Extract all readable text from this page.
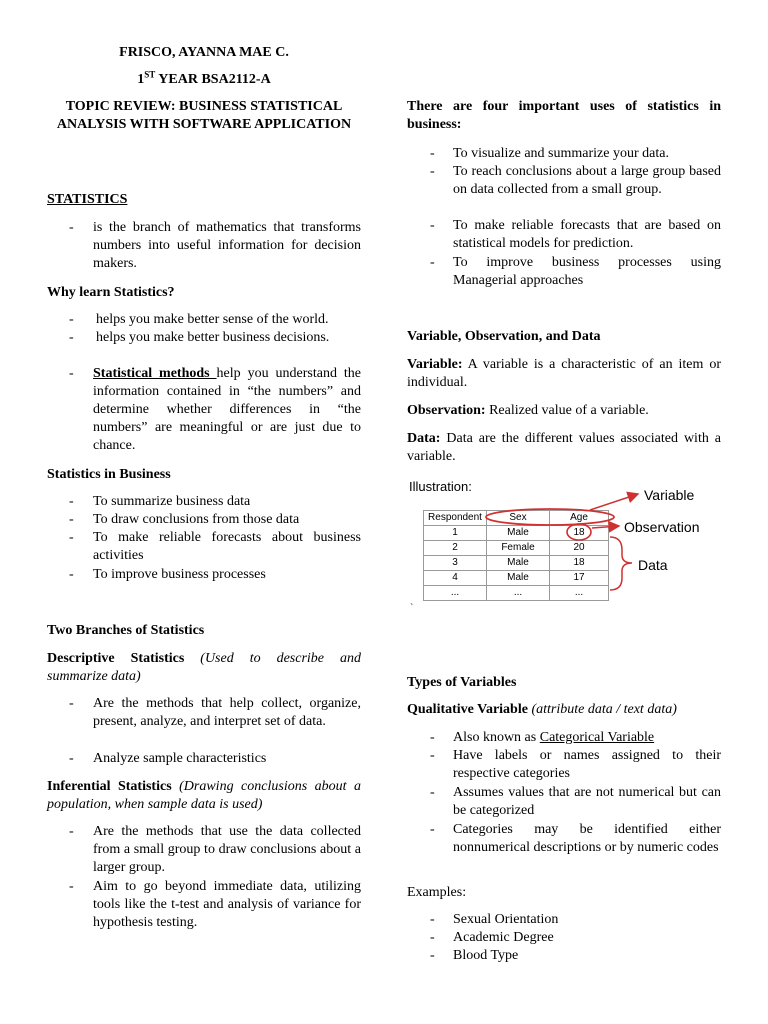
FRISCO, AYANNA MAE C.
1ST YEAR BSA2112-A
TOPIC REVIEW: BUSINESS STATISTICAL ANALYSIS WITH SOFTWARE APPLICATION
STATISTICS
- is the branch of mathematics that transforms numbers into useful information for decision makers.
Why learn Statistics?
- helps you make better sense of the world.
- helps you make better business decisions.
- Statistical methods help you understand the information contained in “the numbers” and determine whether differences in “the numbers” are meaningful or are just due to chance.
Statistics in Business
- To summarize business data
- To draw conclusions from those data
- To make reliable forecasts about business activities
- To improve business processes
Two Branches of Statistics
Descriptive Statistics (Used to describe and summarize data)
- Are the methods that help collect, organize, present, analyze, and interpret set of data.
- Analyze sample characteristics
Inferential Statistics (Drawing conclusions about a population, when sample data is used)
- Are the methods that use the data collected from a small group to draw conclusions about a larger group.
- Aim to go beyond immediate data, utilizing tools like the t-test and analysis of variance for hypothesis testing.
There are four important uses of statistics in business:
- To visualize and summarize your data.
- To reach conclusions about a large group based on data collected from a small group.
- To make reliable forecasts that are based on statistical models for prediction.
- To improve business processes using Managerial approaches
Variable, Observation, and Data
Variable: A variable is a characteristic of an item or individual.
Observation: Realized value of a variable.
Data: Data are the different values associated with a variable.
Illustration:
Respondent	Sex	Age
1	Male	18
2	Female	20
3	Male	18
4	Male	17
...	...	...
Variable
Observation
Data
`
Types of Variables
Qualitative Variable (attribute data / text data)
- Also known as Categorical Variable
- Have labels or names assigned to their respective categories
- Assumes values that are not numerical but can be categorized
- Categories may be identified either nonnumerical descriptions or by numeric codes
Examples:
- Sexual Orientation
- Academic Degree
- Blood Type
